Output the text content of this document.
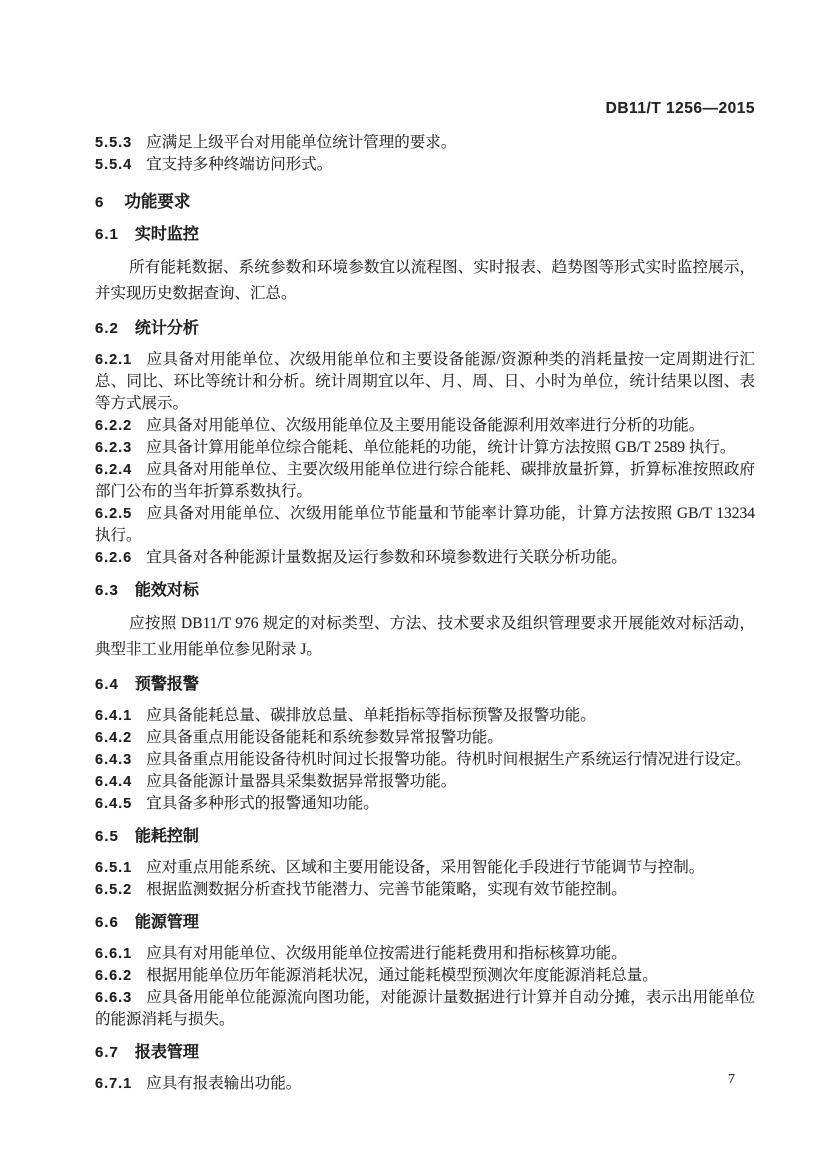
DB11/T 1256—2015
5.5.3 应满足上级平台对用能单位统计管理的要求。
5.5.4 宜支持多种终端访问形式。
6 功能要求
6.1 实时监控
所有能耗数据、系统参数和环境参数宜以流程图、实时报表、趋势图等形式实时监控展示，并实现历史数据查询、汇总。
6.2 统计分析
6.2.1 应具备对用能单位、次级用能单位和主要设备能源/资源种类的消耗量按一定周期进行汇总、同比、环比等统计和分析。统计周期宜以年、月、周、日、小时为单位，统计结果以图、表等方式展示。
6.2.2 应具备对用能单位、次级用能单位及主要用能设备能源利用效率进行分析的功能。
6.2.3 应具备计算用能单位综合能耗、单位能耗的功能，统计计算方法按照 GB/T 2589 执行。
6.2.4 应具备对用能单位、主要次级用能单位进行综合能耗、碳排放量折算，折算标准按照政府部门公布的当年折算系数执行。
6.2.5 应具备对用能单位、次级用能单位节能量和节能率计算功能，计算方法按照 GB/T 13234 执行。
6.2.6 宜具备对各种能源计量数据及运行参数和环境参数进行关联分析功能。
6.3 能效对标
应按照 DB11/T 976 规定的对标类型、方法、技术要求及组织管理要求开展能效对标活动，典型非工业用能单位参见附录 J。
6.4 预警报警
6.4.1 应具备能耗总量、碳排放总量、单耗指标等指标预警及报警功能。
6.4.2 应具备重点用能设备能耗和系统参数异常报警功能。
6.4.3 应具备重点用能设备待机时间过长报警功能。待机时间根据生产系统运行情况进行设定。
6.4.4 应具备能源计量器具采集数据异常报警功能。
6.4.5 宜具备多种形式的报警通知功能。
6.5 能耗控制
6.5.1 应对重点用能系统、区域和主要用能设备，采用智能化手段进行节能调节与控制。
6.5.2 根据监测数据分析查找节能潜力、完善节能策略，实现有效节能控制。
6.6 能源管理
6.6.1 应具有对用能单位、次级用能单位按需进行能耗费用和指标核算功能。
6.6.2 根据用能单位历年能源消耗状况，通过能耗模型预测次年度能源消耗总量。
6.6.3 应具备用能单位能源流向图功能，对能源计量数据进行计算并自动分摊，表示出用能单位的能源消耗与损失。
6.7 报表管理
6.7.1 应具有报表输出功能。	7
